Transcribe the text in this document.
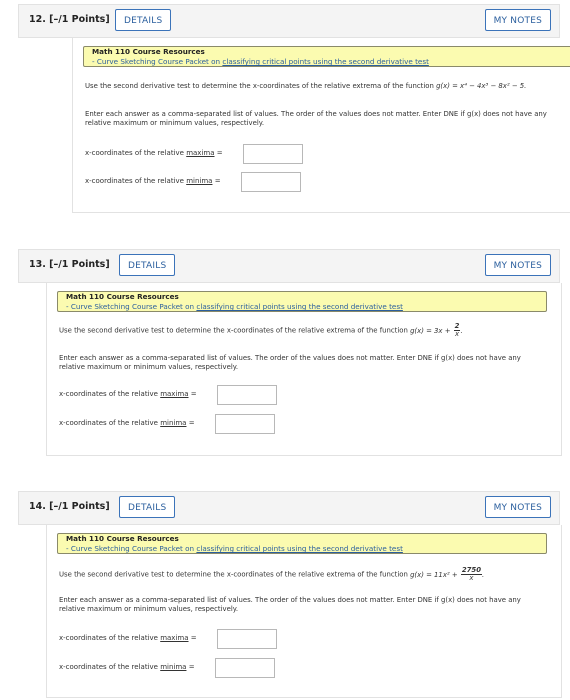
12. [–/1 Points]	DETAILS	MY NOTES
Math 110 Course Resources
- Curve Sketching Course Packet on classifying critical points using the second derivative test
Use the second derivative test to determine the x-coordinates of the relative extrema of the function g(x) = x⁴ − 4x³ − 8x² − 5.
Enter each answer as a comma-separated list of values. The order of the values does not matter. Enter DNE if g(x) does not have any relative maximum or minimum values, respectively.
x-coordinates of the relative maxima =
x-coordinates of the relative minima =
13. [–/1 Points]	DETAILS	MY NOTES
Math 110 Course Resources
- Curve Sketching Course Packet on classifying critical points using the second derivative test
Use the second derivative test to determine the x-coordinates of the relative extrema of the function $g(x) = 3x + \frac{2}{x}$ .
Enter each answer as a comma-separated list of values. The order of the values does not matter. Enter DNE if g(x) does not have any relative maximum or minimum values, respectively.
x-coordinates of the relative maxima =
x-coordinates of the relative minima =
14. [–/1 Points]	DETAILS	MY NOTES
Math 110 Course Resources
- Curve Sketching Course Packet on classifying critical points using the second derivative test
Use the second derivative test to determine the x-coordinates of the relative extrema of the function $g(x) = 11x^2 + \frac{2750}{x}$ .
Enter each answer as a comma-separated list of values. The order of the values does not matter. Enter DNE if g(x) does not have any relative maximum or minimum values, respectively.
x-coordinates of the relative maxima =
x-coordinates of the relative minima =
